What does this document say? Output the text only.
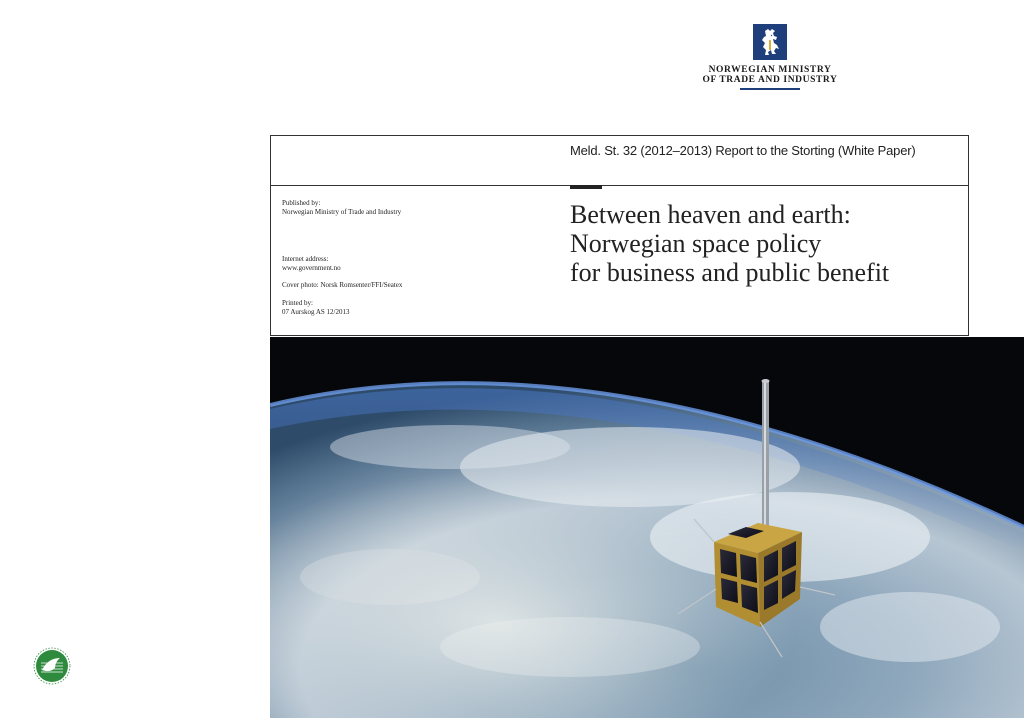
NORWEGIAN MINISTRY
OF TRADE AND INDUSTRY
Meld. St. 32 (2012–2013) Report to the Storting (White Paper)
Between heaven and earth:
Norwegian space policy
for business and public benefit
Published by:
Norwegian Ministry of Trade and Industry
Internet address:
www.government.no
Cover photo: Norsk Romsenter/FFI/Seatex
Printed by:
07 Aurskog AS 12/2013
